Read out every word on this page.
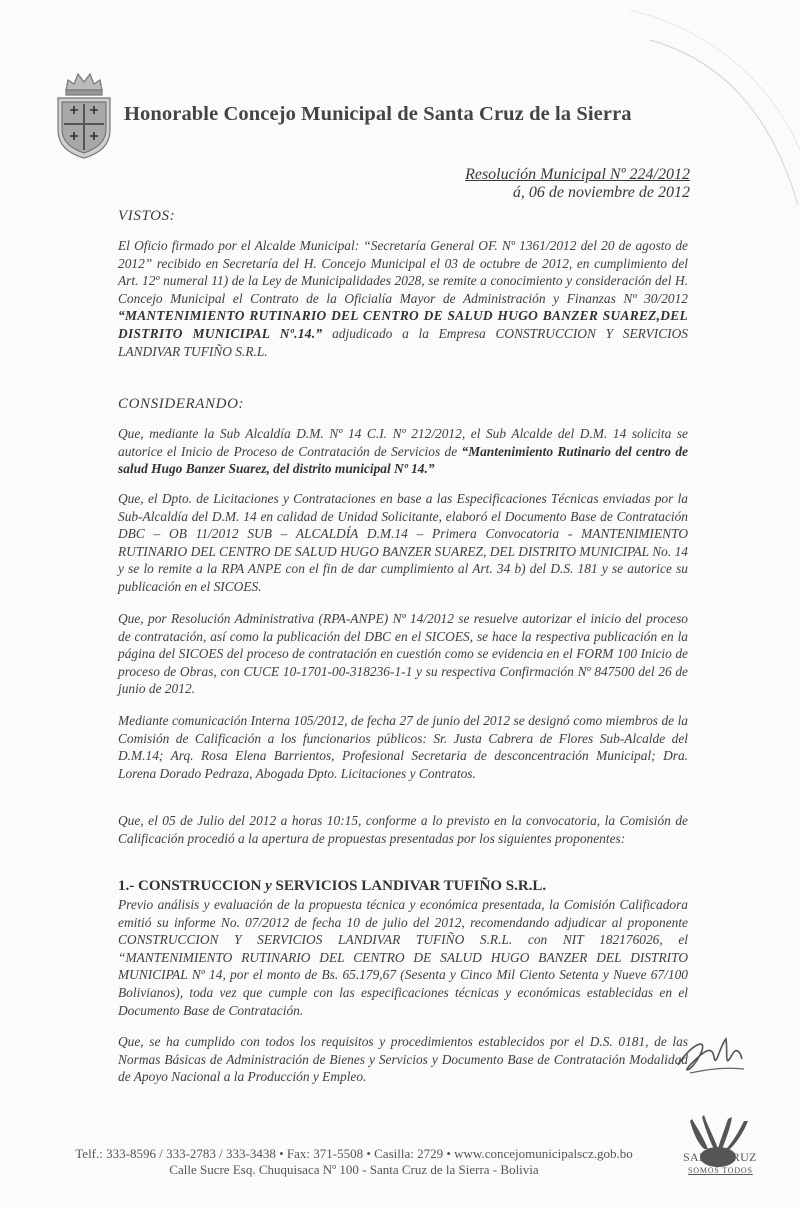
Honorable Concejo Municipal de Santa Cruz de la Sierra
Resolución Municipal Nº 224/2012
á, 06 de noviembre de 2012
VISTOS:
El Oficio firmado por el Alcalde Municipal: “Secretaría General OF. Nº 1361/2012 del 20 de agosto de 2012” recibido en Secretaría del H. Concejo Municipal el 03 de octubre de 2012, en cumplimiento del Art. 12º numeral 11) de la Ley de Municipalidades 2028, se remite a conocimiento y consideración del H. Concejo Municipal el Contrato de la Oficialía Mayor de Administración y Finanzas Nº 30/2012 “MANTENIMIENTO RUTINARIO DEL CENTRO DE SALUD HUGO BANZER SUAREZ,DEL DISTRITO MUNICIPAL Nº.14.” adjudicado a la Empresa CONSTRUCCION Y SERVICIOS LANDIVAR TUFIÑO S.R.L.
CONSIDERANDO:
Que, mediante la Sub Alcaldía D.M. Nº 14 C.I. Nº 212/2012, el Sub Alcalde del D.M. 14 solicita se autorice el Inicio de Proceso de Contratación de Servicios de “Mantenimiento Rutinario del centro de salud Hugo Banzer Suarez, del distrito municipal Nº 14.”
Que, el Dpto. de Licitaciones y Contrataciones en base a las Especificaciones Técnicas enviadas por la Sub-Alcaldía del D.M. 14 en calidad de Unidad Solicitante, elaboró el Documento Base de Contratación DBC – OB 11/2012 SUB – ALCALDÍA D.M.14 – Primera Convocatoria - MANTENIMIENTO RUTINARIO DEL CENTRO DE SALUD HUGO BANZER SUAREZ, DEL DISTRITO MUNICIPAL No. 14 y se lo remite a la RPA ANPE con el fin de dar cumplimiento al Art. 34 b) del D.S. 181 y se autorice su publicación en el SICOES.
Que, por Resolución Administrativa (RPA-ANPE) Nº 14/2012 se resuelve autorizar el inicio del proceso de contratación, así como la publicación del DBC en el SICOES, se hace la respectiva publicación en la página del SICOES del proceso de contratación en cuestión como se evidencia en el FORM 100 Inicio de proceso de Obras, con CUCE 10-1701-00-318236-1-1 y su respectiva Confirmación Nº 847500 del 26 de junio de 2012.
Mediante comunicación Interna 105/2012, de fecha 27 de junio del 2012 se designó como miembros de la Comisión de Calificación a los funcionarios públicos: Sr. Justa Cabrera de Flores Sub-Alcalde del D.M.14; Arq. Rosa Elena Barrientos, Profesional Secretaria de desconcentración Municipal; Dra. Lorena Dorado Pedraza, Abogada Dpto. Licitaciones y Contratos.
Que, el 05 de Julio del 2012 a horas 10:15, conforme a lo previsto en la convocatoria, la Comisión de Calificación procedió a la apertura de propuestas presentadas por los siguientes proponentes:
1.- CONSTRUCCION y SERVICIOS LANDIVAR TUFIÑO S.R.L.
Previo análisis y evaluación de la propuesta técnica y económica presentada, la Comisión Calificadora emitió su informe No. 07/2012 de fecha 10 de julio del 2012, recomendando adjudicar al proponente CONSTRUCCION Y SERVICIOS LANDIVAR TUFIÑO S.R.L. con NIT 182176026, el “MANTENIMIENTO RUTINARIO DEL CENTRO DE SALUD HUGO BANZER DEL DISTRITO MUNICIPAL Nº 14, por el monto de Bs. 65.179,67 (Sesenta y Cinco Mil Ciento Setenta y Nueve 67/100 Bolivianos), toda vez que cumple con las especificaciones técnicas y económicas establecidas en el Documento Base de Contratación.
Que, se ha cumplido con todos los requisitos y procedimientos establecidos por el D.S. 0181, de las Normas Básicas de Administración de Bienes y Servicios y Documento Base de Contratación Modalidad de Apoyo Nacional a la Producción y Empleo.
SANTACRUZ
SOMOS TODOS
Telf.: 333-8596 / 333-2783 / 333-3438 • Fax: 371-5508 • Casilla: 2729 • www.concejomunicipalscz.gob.bo
Calle Sucre Esq. Chuquisaca Nº 100 - Santa Cruz de la Sierra - Bolivia
